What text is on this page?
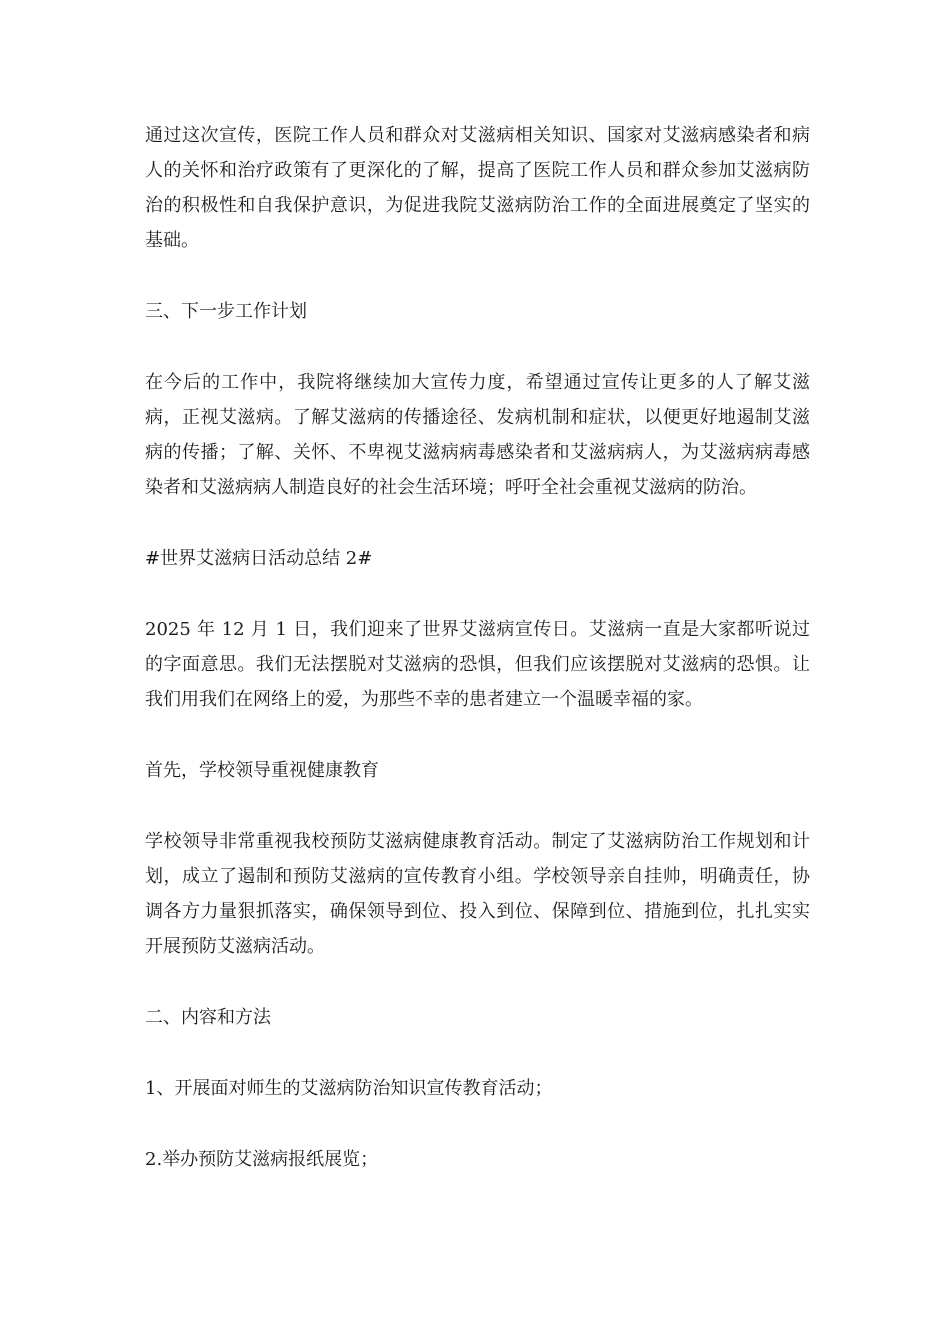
通过这次宣传，医院工作人员和群众对艾滋病相关知识、国家对艾滋病感染者和病人的关怀和治疗政策有了更深化的了解，提高了医院工作人员和群众参加艾滋病防治的积极性和自我保护意识，为促进我院艾滋病防治工作的全面进展奠定了坚实的基础。

三、下一步工作计划

在今后的工作中，我院将继续加大宣传力度，希望通过宣传让更多的人了解艾滋病，正视艾滋病。了解艾滋病的传播途径、发病机制和症状，以便更好地遏制艾滋病的传播；了解、关怀、不卑视艾滋病病毒感染者和艾滋病病人，为艾滋病病毒感染者和艾滋病病人制造良好的社会生活环境；呼吁全社会重视艾滋病的防治。

#世界艾滋病日活动总结 2#

2025 年 12 月 1 日，我们迎来了世界艾滋病宣传日。艾滋病一直是大家都听说过的字面意思。我们无法摆脱对艾滋病的恐惧，但我们应该摆脱对艾滋病的恐惧。让我们用我们在网络上的爱，为那些不幸的患者建立一个温暖幸福的家。

首先，学校领导重视健康教育

学校领导非常重视我校预防艾滋病健康教育活动。制定了艾滋病防治工作规划和计划，成立了遏制和预防艾滋病的宣传教育小组。学校领导亲自挂帅，明确责任，协调各方力量狠抓落实，确保领导到位、投入到位、保障到位、措施到位，扎扎实实开展预防艾滋病活动。

二、内容和方法

1、开展面对师生的艾滋病防治知识宣传教育活动；

2.举办预防艾滋病报纸展览；
